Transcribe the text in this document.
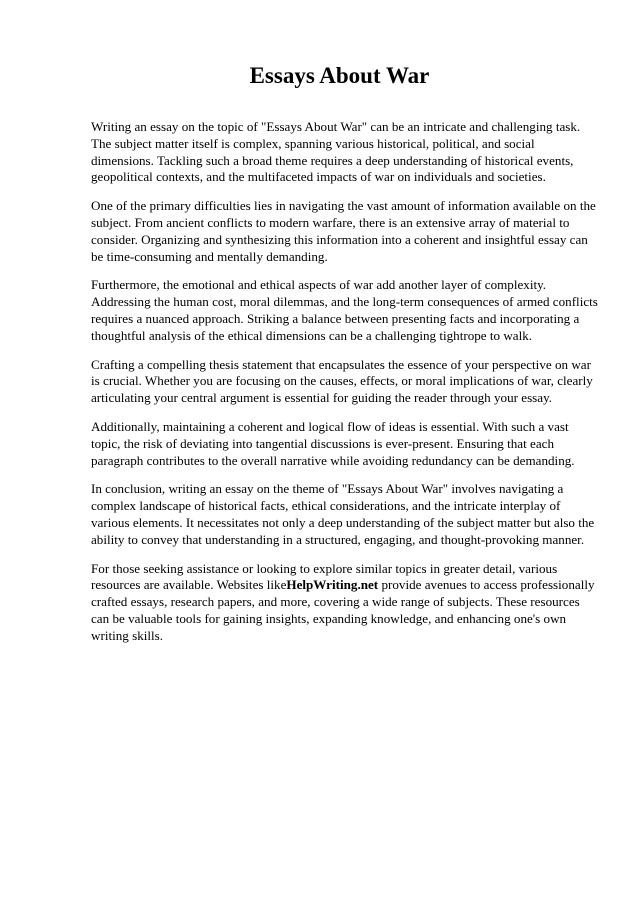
Essays About War

Writing an essay on the topic of "Essays About War" can be an intricate and challenging task. The subject matter itself is complex, spanning various historical, political, and social dimensions. Tackling such a broad theme requires a deep understanding of historical events, geopolitical contexts, and the multifaceted impacts of war on individuals and societies.

One of the primary difficulties lies in navigating the vast amount of information available on the subject. From ancient conflicts to modern warfare, there is an extensive array of material to consider. Organizing and synthesizing this information into a coherent and insightful essay can be time-consuming and mentally demanding.

Furthermore, the emotional and ethical aspects of war add another layer of complexity. Addressing the human cost, moral dilemmas, and the long-term consequences of armed conflicts requires a nuanced approach. Striking a balance between presenting facts and incorporating a thoughtful analysis of the ethical dimensions can be a challenging tightrope to walk.

Crafting a compelling thesis statement that encapsulates the essence of your perspective on war is crucial. Whether you are focusing on the causes, effects, or moral implications of war, clearly articulating your central argument is essential for guiding the reader through your essay.

Additionally, maintaining a coherent and logical flow of ideas is essential. With such a vast topic, the risk of deviating into tangential discussions is ever-present. Ensuring that each paragraph contributes to the overall narrative while avoiding redundancy can be demanding.

In conclusion, writing an essay on the theme of "Essays About War" involves navigating a complex landscape of historical facts, ethical considerations, and the intricate interplay of various elements. It necessitates not only a deep understanding of the subject matter but also the ability to convey that understanding in a structured, engaging, and thought-provoking manner.

For those seeking assistance or looking to explore similar topics in greater detail, various resources are available. Websites likeHelpWriting.net provide avenues to access professionally crafted essays, research papers, and more, covering a wide range of subjects. These resources can be valuable tools for gaining insights, expanding knowledge, and enhancing one's own writing skills.
